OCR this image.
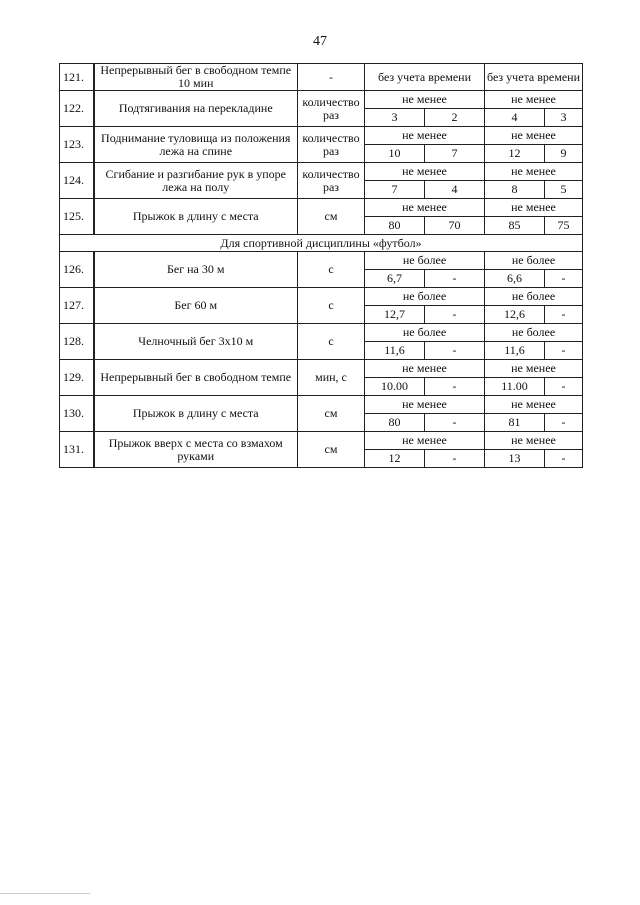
47
121.	Непрерывный бег в свободном темпе 10 мин	-	без учета времени		без учета времени	
122.	Подтягивания на перекладине	количество раз	не менее		не менее	
			3	2	4	3
123.	Поднимание туловища из положения лежа на спине	количество раз	не менее		не менее	
			10	7	12	9
124.	Сгибание и разгибание рук в упоре лежа на полу	количество раз	не менее		не менее	
			7	4	8	5
125.	Прыжок в длину с места	см	не менее		не менее	
			80	70	85	75
Для спортивной дисциплины «футбол»						
126.	Бег на 30 м	с	не более		не более	
			6,7	-	6,6	-
127.	Бег 60 м	с	не более		не более	
			12,7	-	12,6	-
128.	Челночный бег 3х10 м	с	не более		не более	
			11,6	-	11,6	-
129.	Непрерывный бег в свободном темпе	мин, с	не менее		не менее	
			10.00	-	11.00	-
130.	Прыжок в длину с места	см	не менее		не менее	
			80	-	81	-
131.	Прыжок вверх с места со взмахом руками	см	не менее		не менее	
			12	-	13	-
